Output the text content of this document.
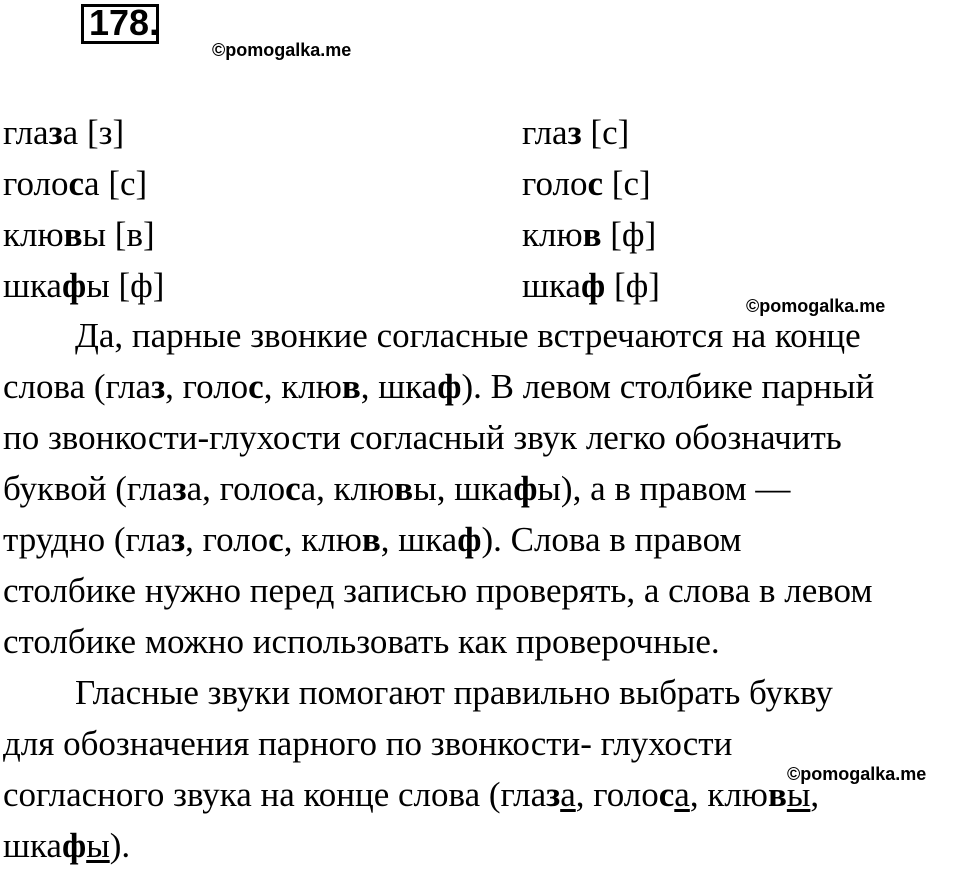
178.
©pomogalka.me
©pomogalka.me
©pomogalka.me
глаза [з]
голоса [с]
клювы [в]
шкафы [ф]
глаз [с]
голос [с]
клюв [ф]
шкаф [ф]
Да, парные звонкие согласные встречаются на конце
слова (глаз, голос, клюв, шкаф). В левом столбике парный
по звонкости-глухости согласный звук легко обозначить
буквой (глаза, голоса, клювы, шкафы), а в правом —
трудно (глаз, голос, клюв, шкаф). Слова в правом
столбике нужно перед записью проверять, а слова в левом
столбике можно использовать как проверочные.
Гласные звуки помогают правильно выбрать букву
для обозначения парного по звонкости- глухости
согласного звука на конце слова (глаза, голоса, клювы,
шкафы).
